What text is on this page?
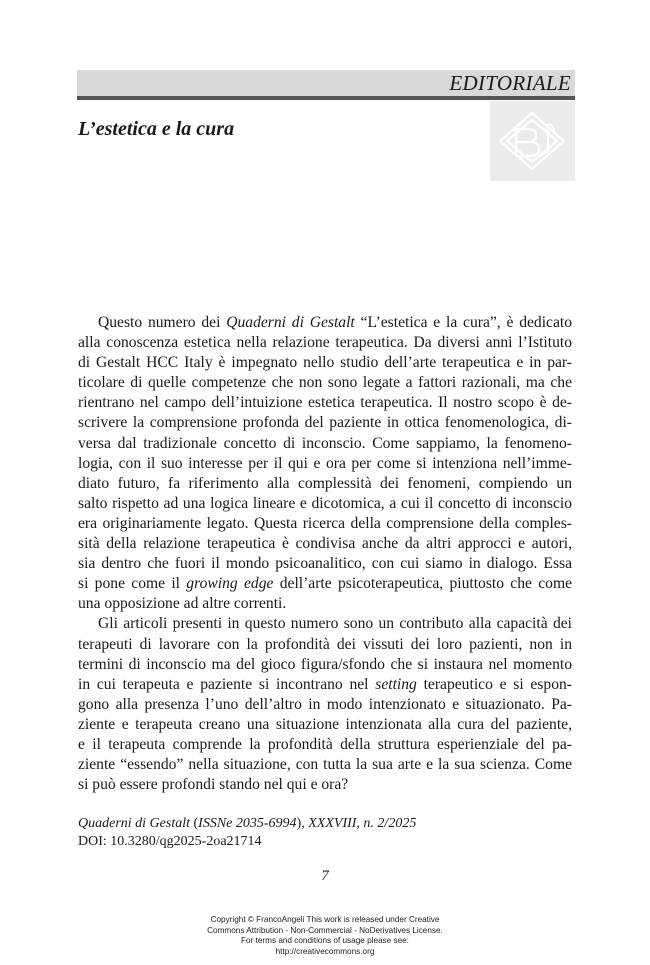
EDITORIALE
L’estetica e la cura
Questo numero dei Quaderni di Gestalt “L’estetica e la cura”, è dedicato
alla conoscenza estetica nella relazione terapeutica. Da diversi anni l’Istituto
di Gestalt HCC Italy è impegnato nello studio dell’arte terapeutica e in par-
ticolare di quelle competenze che non sono legate a fattori razionali, ma che
rientrano nel campo dell’intuizione estetica terapeutica. Il nostro scopo è de-
scrivere la comprensione profonda del paziente in ottica fenomenologica, di-
versa dal tradizionale concetto di inconscio. Come sappiamo, la fenomeno-
logia, con il suo interesse per il qui e ora per come si intenziona nell’imme-
diato futuro, fa riferimento alla complessità dei fenomeni, compiendo un
salto rispetto ad una logica lineare e dicotomica, a cui il concetto di inconscio
era originariamente legato. Questa ricerca della comprensione della comples-
sità della relazione terapeutica è condivisa anche da altri approcci e autori,
sia dentro che fuori il mondo psicoanalitico, con cui siamo in dialogo. Essa
si pone come il growing edge dell’arte psicoterapeutica, piuttosto che come
una opposizione ad altre correnti.
Gli articoli presenti in questo numero sono un contributo alla capacità dei
terapeuti di lavorare con la profondità dei vissuti dei loro pazienti, non in
termini di inconscio ma del gioco figura/sfondo che si instaura nel momento
in cui terapeuta e paziente si incontrano nel setting terapeutico e si espon-
gono alla presenza l’uno dell’altro in modo intenzionato e situazionato. Pa-
ziente e terapeuta creano una situazione intenzionata alla cura del paziente,
e il terapeuta comprende la profondità della struttura esperienziale del pa-
ziente “essendo” nella situazione, con tutta la sua arte e la sua scienza. Come
si può essere profondi stando nel qui e ora?
Quaderni di Gestalt (ISSNe 2035-6994), XXXVIII, n. 2/2025
DOI: 10.3280/qg2025-2oa21714
7
Copyright © FrancoAngeli This work is released under Creative
Commons Attribution - Non-Commercial - NoDerivatives License.
For terms and conditions of usage please see:
http://creativecommons.org
